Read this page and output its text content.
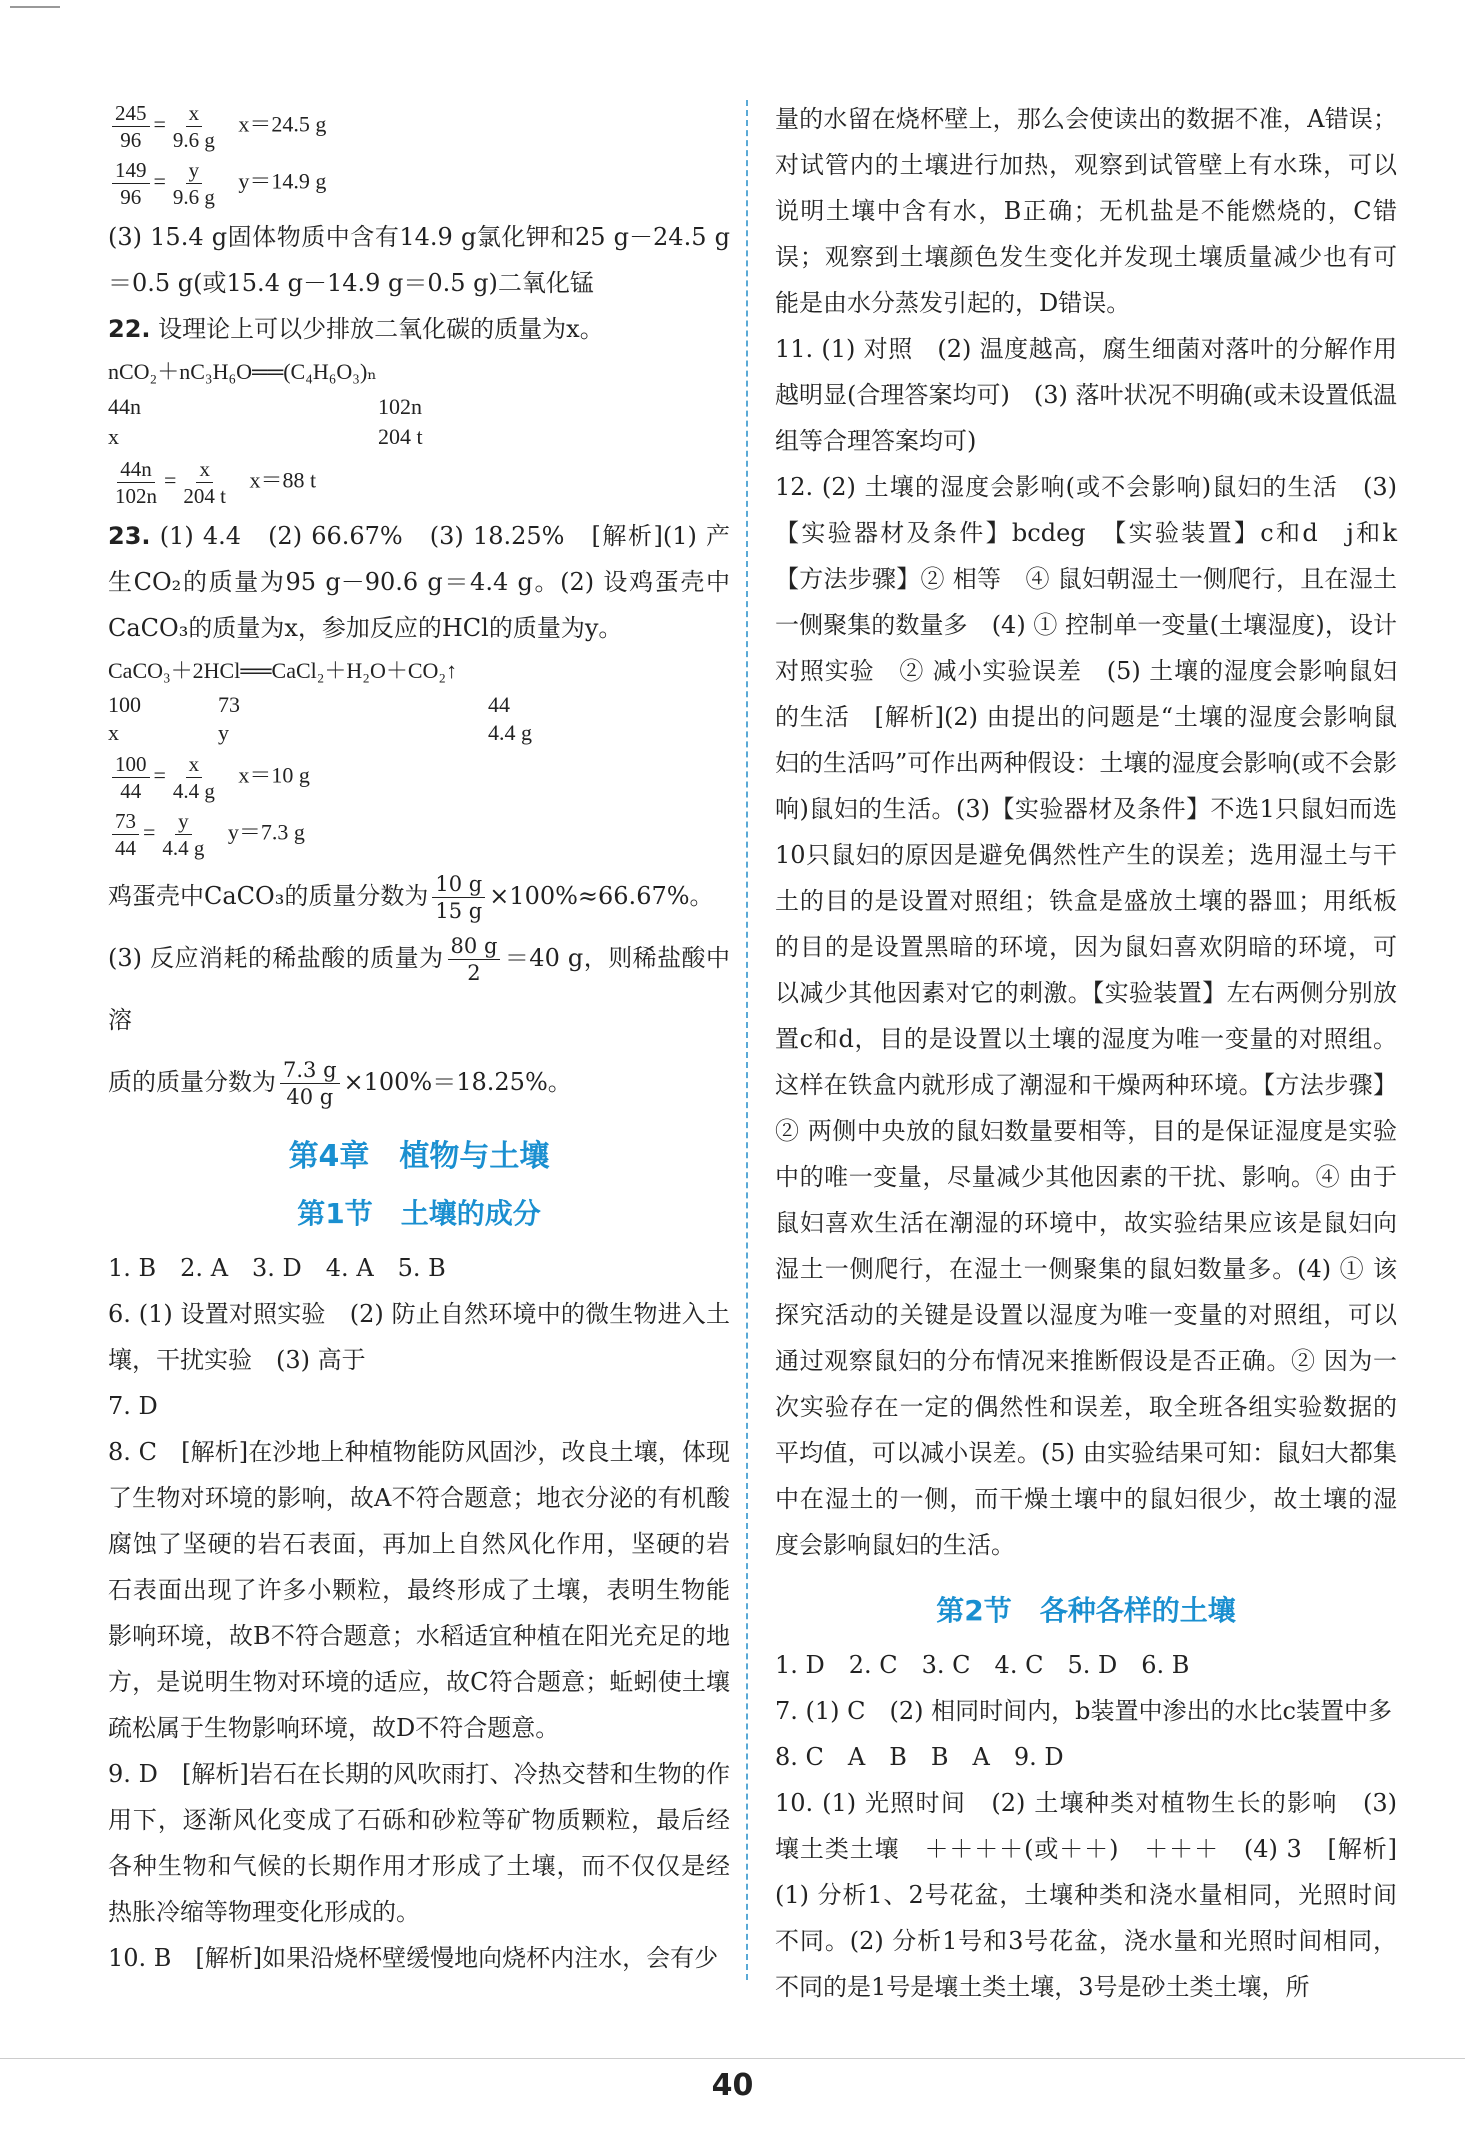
$\frac{245}{96} = \frac{x}{9.6 g} x=24.5$ g
$\frac{149}{96} = \frac{y}{9.6 g} y=14.9$ g

(3) 15.4 g固体物质中含有14.9 g氯化钾和25 g－24.5 g＝0.5 g(或15.4 g－14.9 g＝0.5 g)二氧化锰

22. 设理论上可以少排放二氧化碳的质量为x。

nCO₂＋nC₃H₆O══(C₄H₆O₃)ₙ
44n	102n
x	204 t
$\frac{44n}{102n} = \frac{x}{204 t} x=88$ t

23. (1) 4.4　(2) 66.67%　(3) 18.25%　[解析](1) 产生CO₂的质量为95 g－90.6 g＝4.4 g。(2) 设鸡蛋壳中CaCO₃的质量为x，参加反应的HCl的质量为y。

CaCO₃＋2HCl══CaCl₂＋H₂O＋CO₂↑
100	73	44
x	y	4.4 g
$\frac{100}{44} = \frac{x}{4.4 g} x=10$ g
$\frac{73}{44} = \frac{y}{4.4 g} y=7.3$ g

鸡蛋壳中CaCO₃的质量分数为 $\frac{10 g}{15 g} \times 100\%\approx 66.67\%$。

(3) 反应消耗的稀盐酸的质量为 $\frac{80 g}{2} =40$ g，则稀盐酸中溶

质的质量分数为 $\frac{7.3 g}{40 g} \times 100\%=18.25\%$。

第4章　植物与土壤
第1节　土壤的成分

1. B　2. A　3. D　4. A　5. B

6. (1) 设置对照实验　(2) 防止自然环境中的微生物进入土壤，干扰实验　(3) 高于

7. D

8. C　[解析]在沙地上种植物能防风固沙，改良土壤，体现了生物对环境的影响，故A不符合题意；地衣分泌的有机酸腐蚀了坚硬的岩石表面，再加上自然风化作用，坚硬的岩石表面出现了许多小颗粒，最终形成了土壤，表明生物能影响环境，故B不符合题意；水稻适宜种植在阳光充足的地方，是说明生物对环境的适应，故C符合题意；蚯蚓使土壤疏松属于生物影响环境，故D不符合题意。

9. D　[解析]岩石在长期的风吹雨打、冷热交替和生物的作用下，逐渐风化变成了石砾和砂粒等矿物质颗粒，最后经各种生物和气候的长期作用才形成了土壤，而不仅仅是经热胀冷缩等物理变化形成的。

10. B　[解析]如果沿烧杯壁缓慢地向烧杯内注水，会有少

量的水留在烧杯壁上，那么会使读出的数据不准，A错误；对试管内的土壤进行加热，观察到试管壁上有水珠，可以说明土壤中含有水，B正确；无机盐是不能燃烧的，C错误；观察到土壤颜色发生变化并发现土壤质量减少也有可能是由水分蒸发引起的，D错误。

11. (1) 对照　(2) 温度越高，腐生细菌对落叶的分解作用越明显(合理答案均可)　(3) 落叶状况不明确(或未设置低温组等合理答案均可)

12. (2) 土壤的湿度会影响(或不会影响)鼠妇的生活　(3)【实验器材及条件】bcdeg　【实验装置】c和d　j和k　【方法步骤】② 相等　④ 鼠妇朝湿土一侧爬行，且在湿土一侧聚集的数量多　(4) ① 控制单一变量(土壤湿度)，设计对照实验　② 减小实验误差　(5) 土壤的湿度会影响鼠妇的生活　[解析](2) 由提出的问题是“土壤的湿度会影响鼠妇的生活吗”可作出两种假设：土壤的湿度会影响(或不会影响)鼠妇的生活。(3)【实验器材及条件】不选1只鼠妇而选10只鼠妇的原因是避免偶然性产生的误差；选用湿土与干土的目的是设置对照组；铁盒是盛放土壤的器皿；用纸板的目的是设置黑暗的环境，因为鼠妇喜欢阴暗的环境，可以减少其他因素对它的刺激。【实验装置】左右两侧分别放置c和d，目的是设置以土壤的湿度为唯一变量的对照组。这样在铁盒内就形成了潮湿和干燥两种环境。【方法步骤】② 两侧中央放的鼠妇数量要相等，目的是保证湿度是实验中的唯一变量，尽量减少其他因素的干扰、影响。④ 由于鼠妇喜欢生活在潮湿的环境中，故实验结果应该是鼠妇向湿土一侧爬行，在湿土一侧聚集的鼠妇数量多。(4) ① 该探究活动的关键是设置以湿度为唯一变量的对照组，可以通过观察鼠妇的分布情况来推断假设是否正确。② 因为一次实验存在一定的偶然性和误差，取全班各组实验数据的平均值，可以减小误差。(5) 由实验结果可知：鼠妇大都集中在湿土的一侧，而干燥土壤中的鼠妇很少，故土壤的湿度会影响鼠妇的生活。

第2节　各种各样的土壤

1. D　2. C　3. C　4. C　5. D　6. B

7. (1) C　(2) 相同时间内，b装置中渗出的水比c装置中多

8. C　A　B　B　A　9. D

10. (1) 光照时间　(2) 土壤种类对植物生长的影响　(3) 壤土类土壤　＋＋＋＋(或＋＋)　＋＋＋　(4) 3　[解析](1) 分析1、2号花盆，土壤种类和浇水量相同，光照时间不同。(2) 分析1号和3号花盆，浇水量和光照时间相同，不同的是1号是壤土类土壤，3号是砂土类土壤，所

40
